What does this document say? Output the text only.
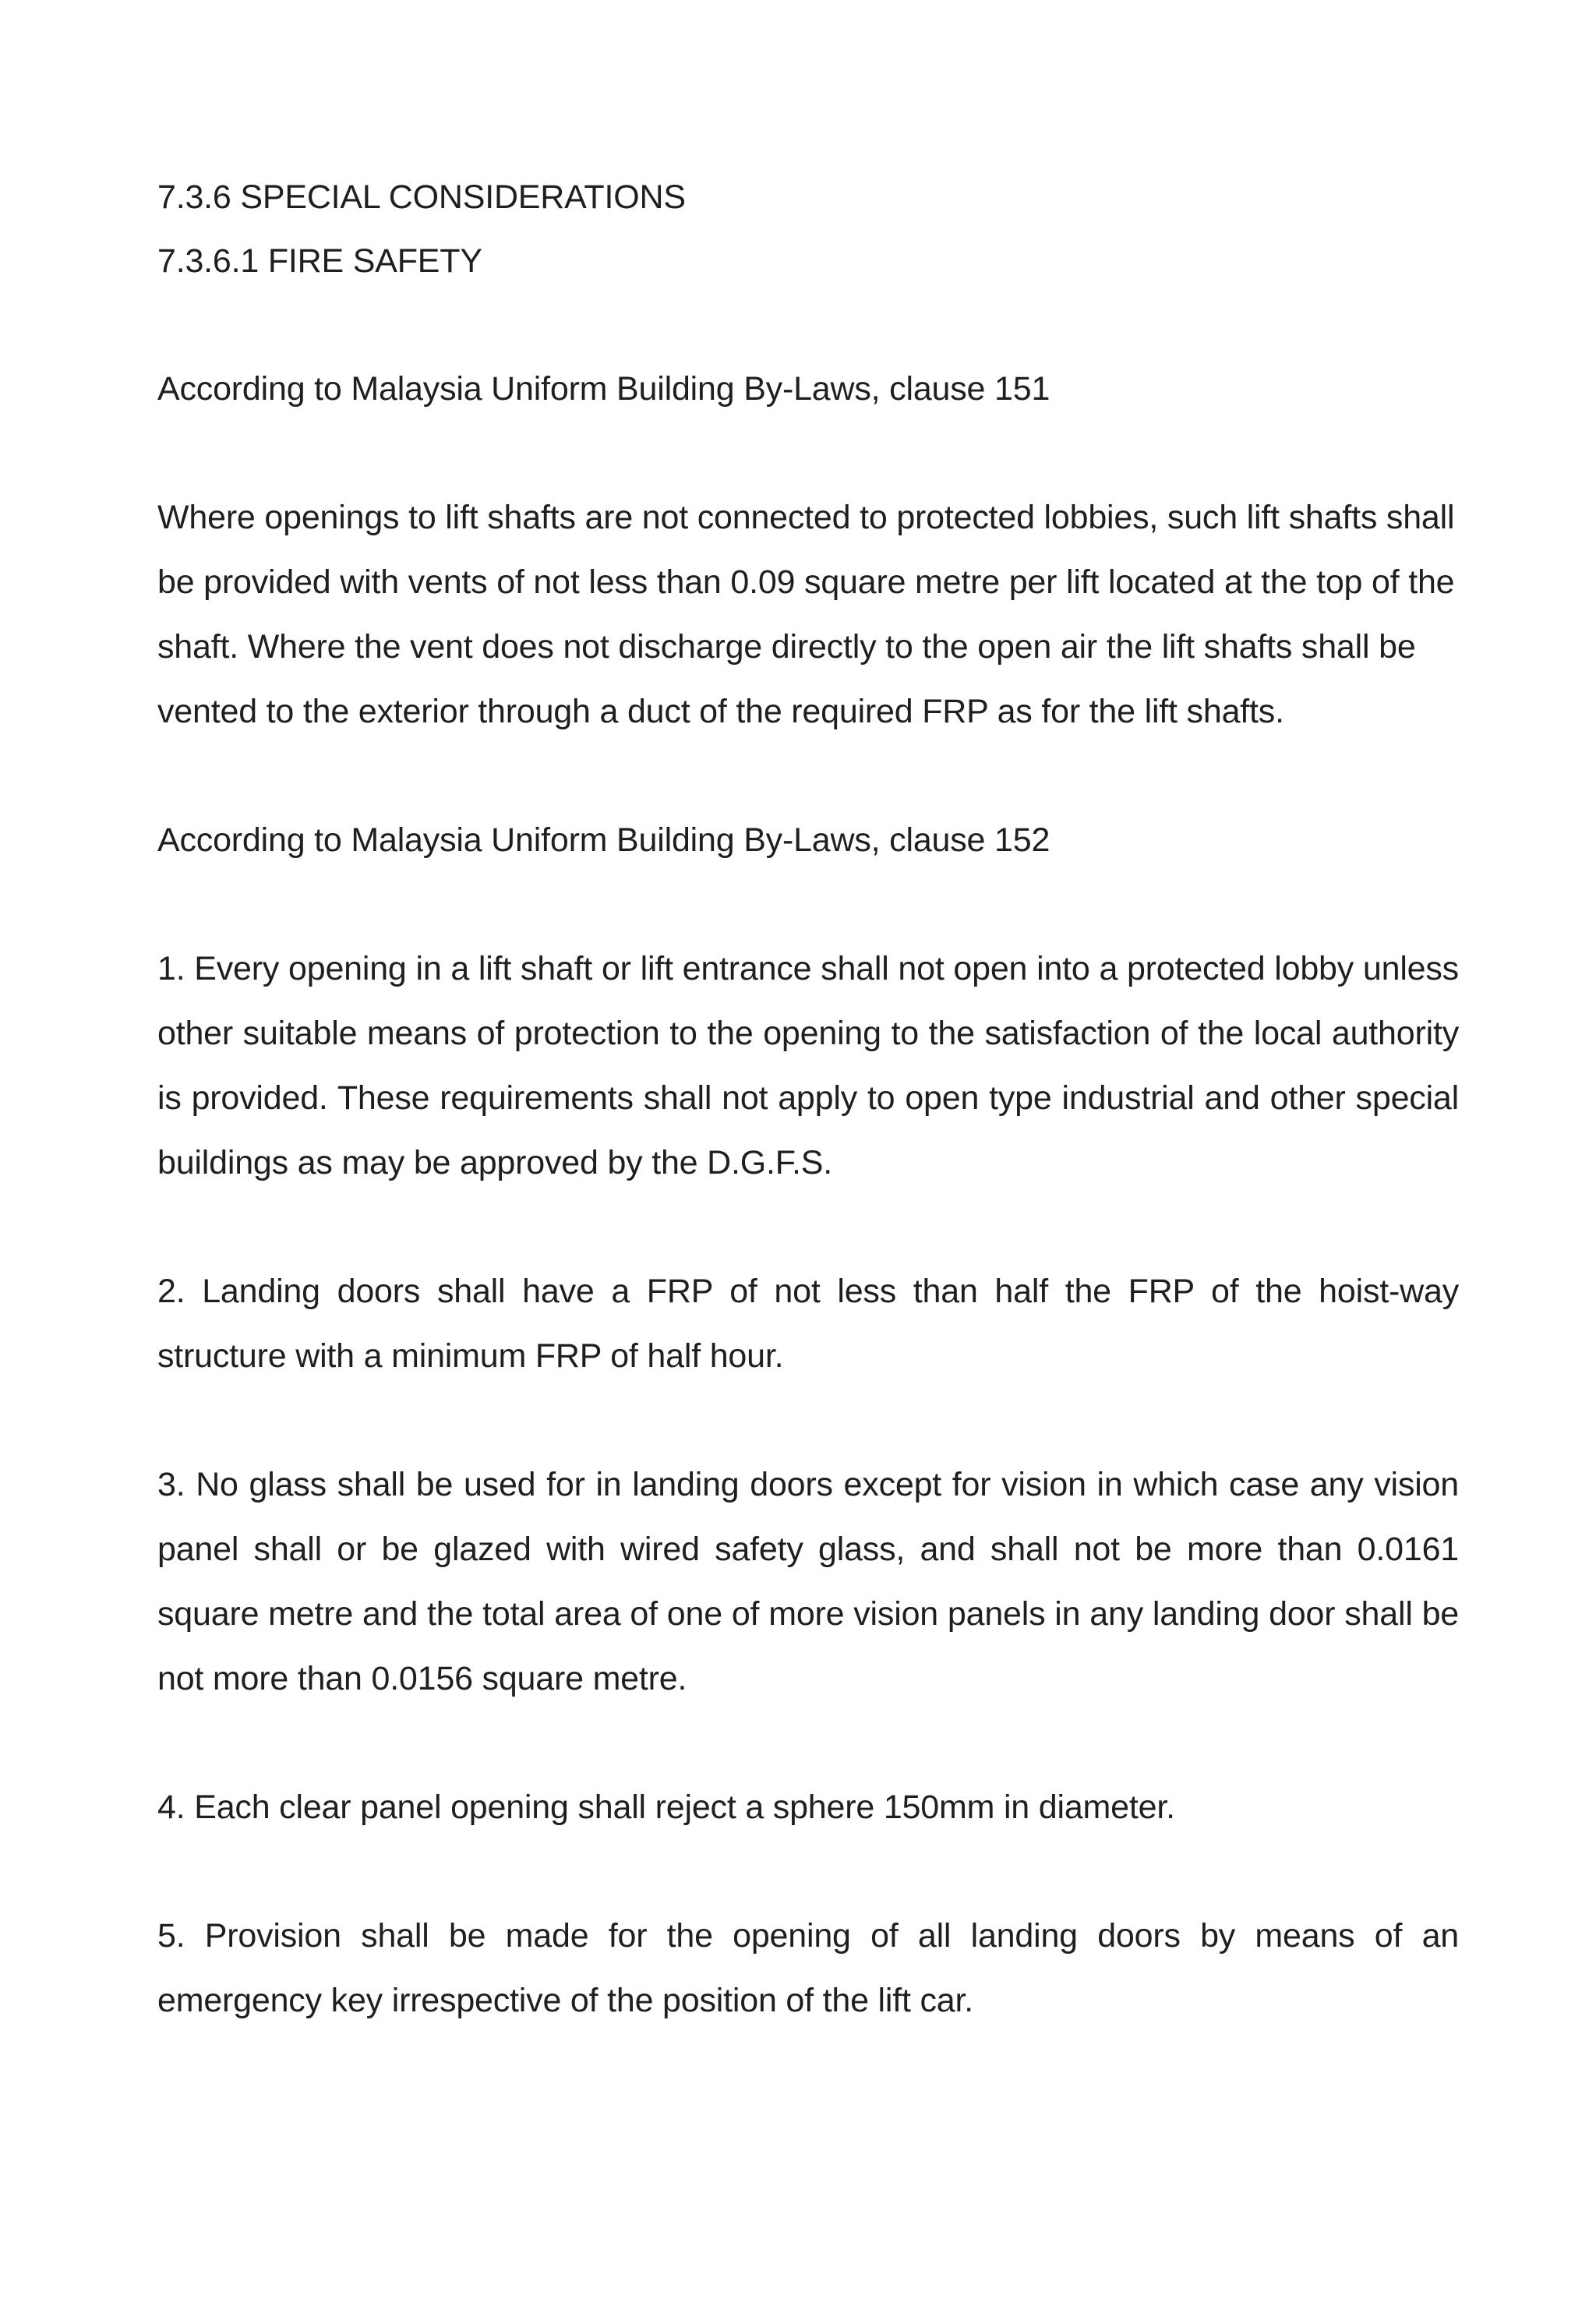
7.3.6 SPECIAL CONSIDERATIONS
7.3.6.1 FIRE SAFETY

According to Malaysia Uniform Building By-Laws, clause 151

Where openings to lift shafts are not connected to protected lobbies, such lift shafts shall be provided with vents of not less than 0.09 square metre per lift located at the top of the shaft. Where the vent does not discharge directly to the open air the lift shafts shall be vented to the exterior through a duct of the required FRP as for the lift shafts.

According to Malaysia Uniform Building By-Laws, clause 152

1. Every opening in a lift shaft or lift entrance shall not open into a protected lobby unless other suitable means of protection to the opening to the satisfaction of the local authority is provided. These requirements shall not apply to open type industrial and other special buildings as may be approved by the D.G.F.S.

2. Landing doors shall have a FRP of not less than half the FRP of the hoist-way structure with a minimum FRP of half hour.

3. No glass shall be used for in landing doors except for vision in which case any vision panel shall or be glazed with wired safety glass, and shall not be more than 0.0161 square metre and the total area of one of more vision panels in any landing door shall be not more than 0.0156 square metre.

4. Each clear panel opening shall reject a sphere 150mm in diameter.

5. Provision shall be made for the opening of all landing doors by means of an emergency key irrespective of the position of the lift car.
